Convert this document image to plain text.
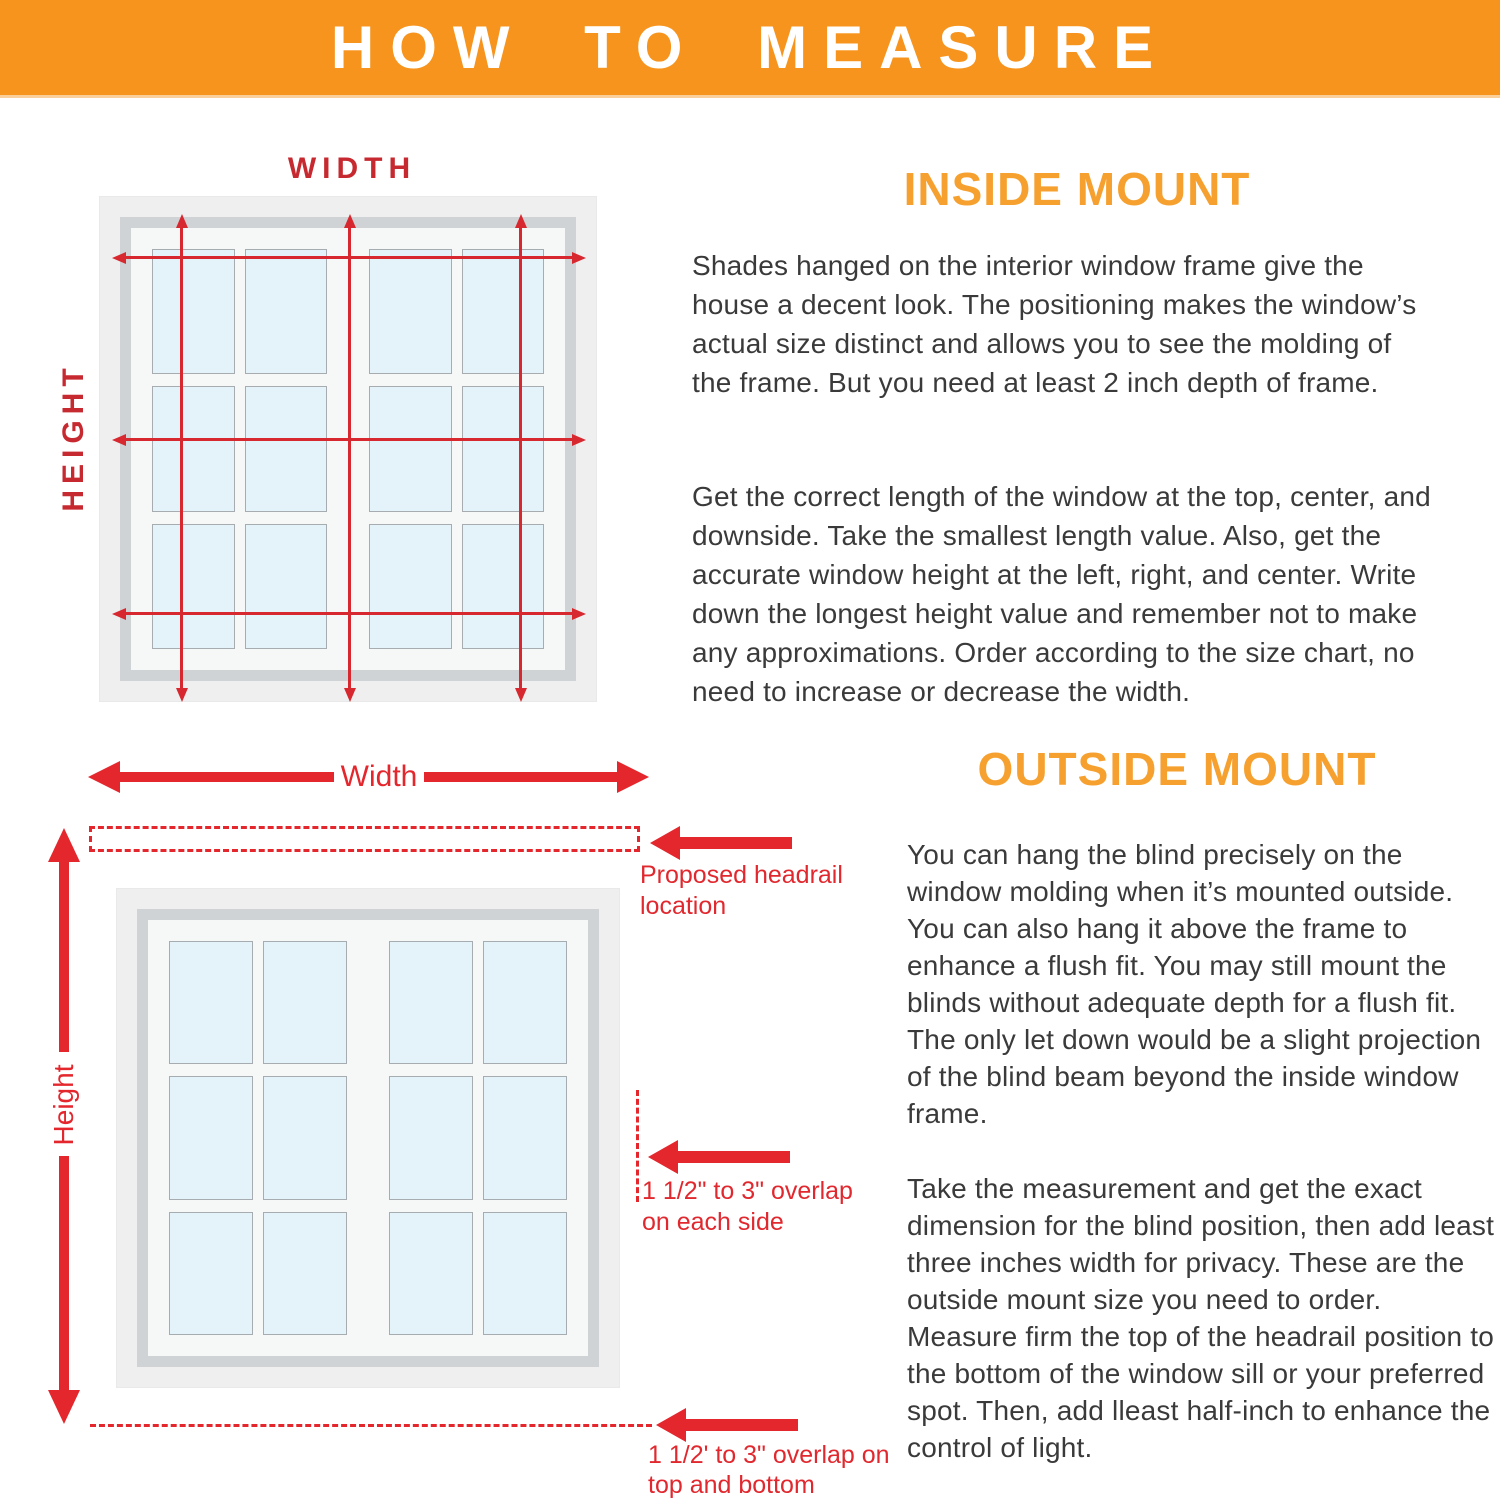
HOW TO MEASURE
WIDTH
HEIGHT
INSIDE MOUNT

Shades hanged on the interior window frame give the house a decent look. The positioning makes the window’s actual size distinct and allows you to see the molding of the frame. But you need at least 2 inch depth of frame.

Get the correct length of the window at the top, center, and downside. Take the smallest length value. Also, get the accurate window height at the left, right, and center. Write down the longest height value and remember not to make any approximations. Order according to the size chart, no need to increase or decrease the width.

Width
Proposed headrail location
Height
1 1/2" to 3" overlap on each side
1 1/2' to 3" overlap on top and bottom
OUTSIDE MOUNT

You can hang the blind precisely on the window molding when it’s mounted outside. You can also hang it above the frame to enhance a flush fit. You may still mount the blinds without adequate depth for a flush fit. The only let down would be a slight projection of the blind beam beyond the inside window frame.

Take the measurement and get the exact dimension for the blind position, then add least three inches width for privacy. These are the outside mount size you need to order. Measure firm the top of the headrail position to the bottom of the window sill or your preferred spot. Then, add lleast half-inch to enhance the control of light.
